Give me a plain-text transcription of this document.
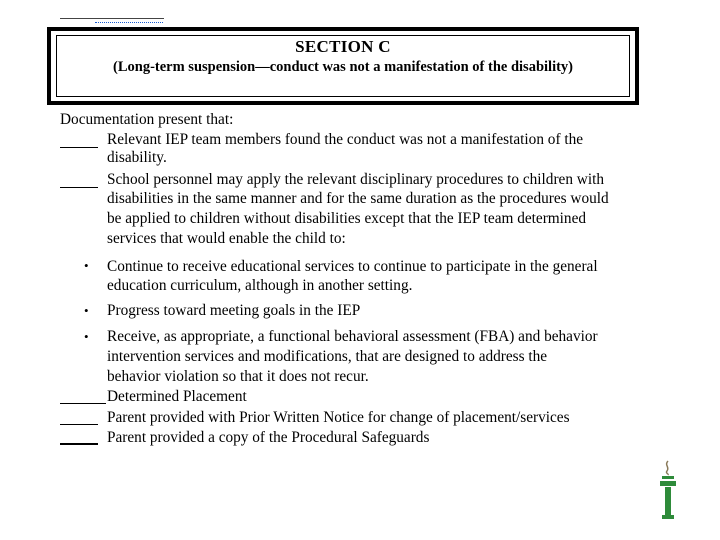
SECTION C
(Long-term suspension—conduct was not a manifestation of the disability)
Documentation present that:
Relevant IEP team members found the conduct was not a manifestation of the
disability.
School personnel may apply the relevant disciplinary procedures to children with
disabilities in the same manner and for the same duration as the procedures would
be applied to children without disabilities except that the IEP team determined
services that would enable the child to:
• Continue to receive educational services to continue to participate in the general
education curriculum, although in another setting.
• Progress toward meeting goals in the IEP
• Receive, as appropriate, a functional behavioral assessment (FBA) and behavior
intervention services and modifications, that are designed to address the
behavior violation so that it does not recur.
Determined Placement
Parent provided with Prior Written Notice for change of placement/services
Parent provided a copy of the Procedural Safeguards
